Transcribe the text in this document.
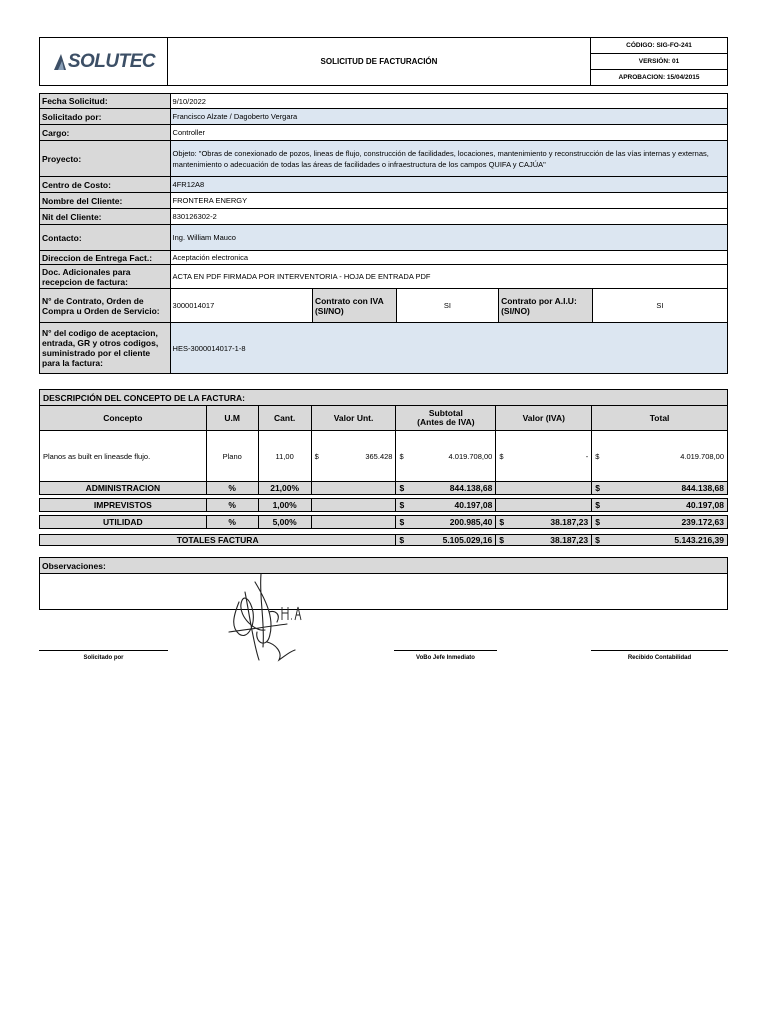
SOLUTEC	SOLICITUD DE FACTURACIÓN	CÓDIGO: SIG-FO-241
VERSIÓN: 01
APROBACION: 15/04/2015
Fecha Solicitud:	9/10/2022				
Solicitado por:	Francisco Alzate / Dagoberto Vergara				
Cargo:	Controller				
Proyecto:	Objeto: "Obras de conexionado de pozos, lineas de flujo, construcción de facilidades, locaciones, mantenimiento y reconstrucción de las vías internas y externas, mantenimiento o adecuación de todas las áreas de facilidades o infraestructura de los campos QUIFA y CAJÚA"				
Centro de Costo:	4FR12A8				
Nombre del Cliente:	FRONTERA ENERGY				
Nit del Cliente:	830126302-2				
Contacto:	Ing. William Mauco				
Direccion de Entrega Fact.:	Aceptación electronica				
Doc. Adicionales para recepcion de factura:	ACTA EN PDF FIRMADA POR INTERVENTORIA - HOJA DE ENTRADA PDF				
N° de Contrato, Orden de Compra u Orden de Servicio:	3000014017	Contrato con IVA (SI/NO)	SI	Contrato por A.I.U: (SI/NO)	SI
N° del codigo de aceptacion, entrada, GR y otros codigos, suministrado por el cliente para la factura:	HES-3000014017-1-8				
DESCRIPCIÓN DEL CONCEPTO DE LA FACTURA:						
Concepto	U.M	Cant.	Valor Unt.	Subtotal
(Antes de IVA)	Valor (IVA)	Total
Planos as built en lineasde flujo.	Plano	11,00	$ 365.428	$ 4.019.708,00	$ -	$ 4.019.708,00

ADMINISTRACION	%	21,00%		$ 844.138,68		$ 844.138,68

IMPREVISTOS	%	1,00%		$ 40.197,08		$ 40.197,08

UTILIDAD	%	5,00%		$ 200.985,40	$ 38.187,23	$ 239.172,63
TOTALES FACTURA	$	5.105.029,16	$	38.187,23	$	5.143.216,39
Observaciones:

Solicitado por	VoBo Jefe Inmediato	Recibido Contabilidad
